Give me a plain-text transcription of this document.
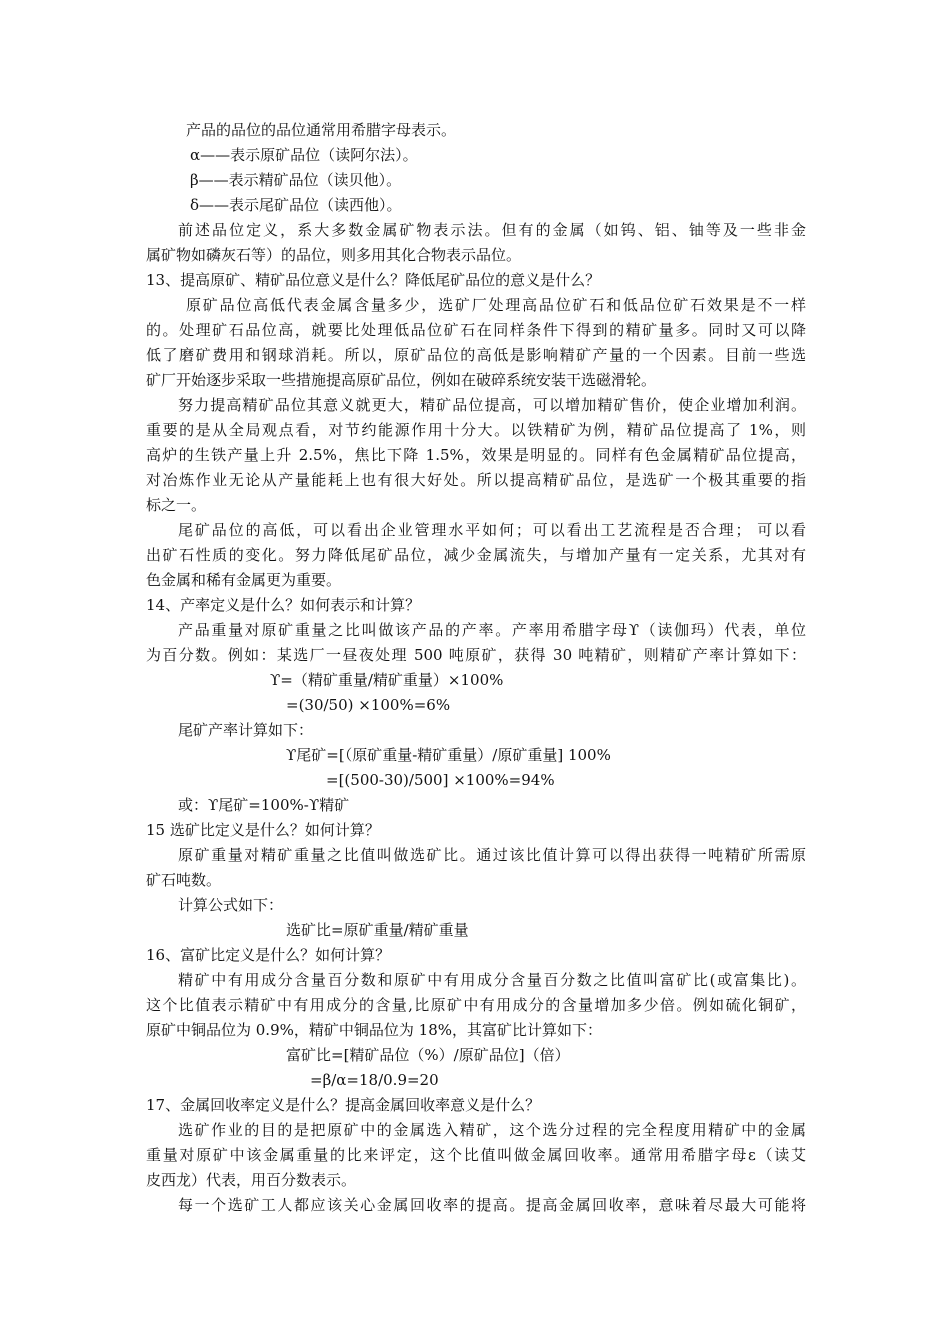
产品的品位的品位通常用希腊字母表示。
α——表示原矿品位（读阿尔法）。
β——表示精矿品位（读贝他）。
δ——表示尾矿品位（读西他）。
前述品位定义，系大多数金属矿物表示法。但有的金属（如钨、铝、铀等及一些非金
属矿物如磷灰石等）的品位，则多用其化合物表示品位。
13、提高原矿、精矿品位意义是什么？降低尾矿品位的意义是什么？
原矿品位高低代表金属含量多少，选矿厂处理高品位矿石和低品位矿石效果是不一样
的。处理矿石品位高，就要比处理低品位矿石在同样条件下得到的精矿量多。同时又可以降
低了磨矿费用和钢球消耗。所以，原矿品位的高低是影响精矿产量的一个因素。目前一些选
矿厂开始逐步采取一些措施提高原矿品位，例如在破碎系统安装干选磁滑轮。
努力提高精矿品位其意义就更大，精矿品位提高，可以增加精矿售价，使企业增加利润。
重要的是从全局观点看，对节约能源作用十分大。以铁精矿为例，精矿品位提高了 1%，则
高炉的生铁产量上升 2.5%，焦比下降 1.5%，效果是明显的。同样有色金属精矿品位提高，
对冶炼作业无论从产量能耗上也有很大好处。所以提高精矿品位，是选矿一个极其重要的指
标之一。
尾矿品位的高低，可以看出企业管理水平如何；可以看出工艺流程是否合理； 可以看
出矿石性质的变化。努力降低尾矿品位，减少金属流失，与增加产量有一定关系，尤其对有
色金属和稀有金属更为重要。
14、产率定义是什么？如何表示和计算？
产品重量对原矿重量之比叫做该产品的产率。产率用希腊字母ϒ（读伽玛）代表，单位
为百分数。例如：某选厂一昼夜处理 500 吨原矿，获得 30 吨精矿，则精矿产率计算如下：
ϒ=（精矿重量/精矿重量）×100%
=(30/50) ×100%=6%
尾矿产率计算如下：
ϒ尾矿=[（原矿重量-精矿重量）/原矿重量] 100%
=[(500-30)/500] ×100%=94%
或：ϒ尾矿=100%-ϒ精矿
15 选矿比定义是什么？如何计算？
原矿重量对精矿重量之比值叫做选矿比。通过该比值计算可以得出获得一吨精矿所需原
矿石吨数。
计算公式如下：
选矿比=原矿重量/精矿重量
16、富矿比定义是什么？如何计算？
精矿中有用成分含量百分数和原矿中有用成分含量百分数之比值叫富矿比(或富集比)。
这个比值表示精矿中有用成分的含量,比原矿中有用成分的含量增加多少倍。例如硫化铜矿，
原矿中铜品位为 0.9%，精矿中铜品位为 18%，其富矿比计算如下：
富矿比=[精矿品位（%）/原矿品位]（倍）
=β/α=18/0.9=20
17、金属回收率定义是什么？提高金属回收率意义是什么？
选矿作业的目的是把原矿中的金属选入精矿，这个选分过程的完全程度用精矿中的金属
重量对原矿中该金属重量的比来评定，这个比值叫做金属回收率。通常用希腊字母ε（读艾
皮西龙）代表，用百分数表示。
每一个选矿工人都应该关心金属回收率的提高。提高金属回收率，意味着尽最大可能将
